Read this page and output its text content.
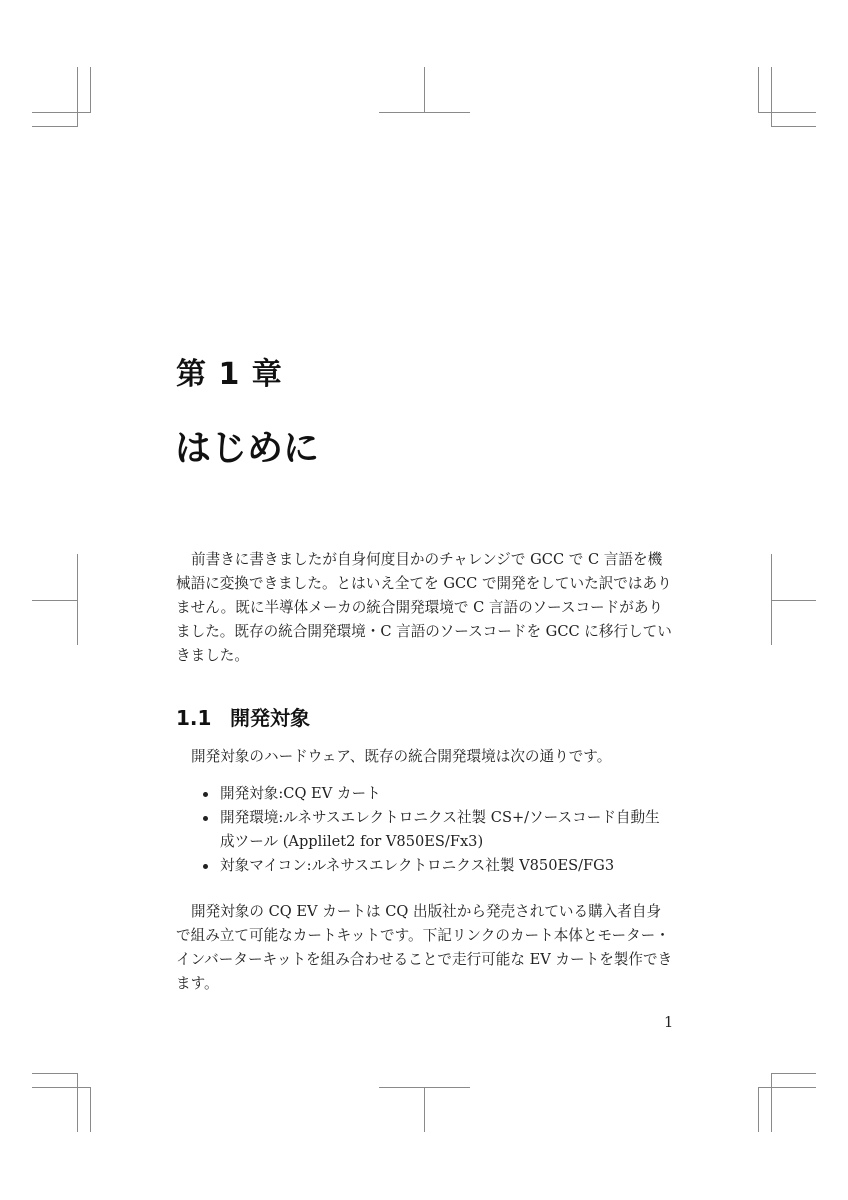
第 1 章
はじめに
前書きに書きましたが自身何度目かのチャレンジで GCC で C 言語を機
械語に変換できました。とはいえ全てを GCC で開発をしていた訳ではあり
ません。既に半導体メーカの統合開発環境で C 言語のソースコードがあり
ました。既存の統合開発環境・C 言語のソースコードを GCC に移行してい
きました。
1.1 開発対象
開発対象のハードウェア、既存の統合開発環境は次の通りです。
開発対象:CQ EV カート
開発環境:ルネサスエレクトロニクス社製 CS+/ソースコード自動生
成ツール (Applilet2 for V850ES/Fx3)
対象マイコン:ルネサスエレクトロニクス社製 V850ES/FG3
開発対象の CQ EV カートは CQ 出版社から発売されている購入者自身
で組み立て可能なカートキットです。下記リンクのカート本体とモーター・
インバーターキットを組み合わせることで走行可能な EV カートを製作でき
ます。
1
